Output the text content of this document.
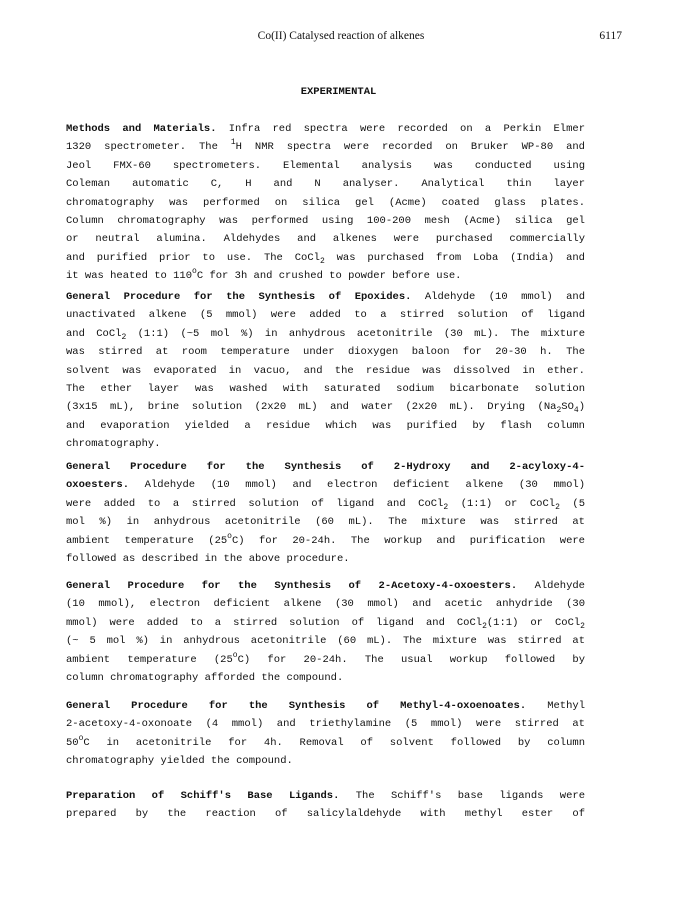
Co(II) Catalysed reaction of alkenes	6117
EXPERIMENTAL
Methods and Materials. Infra red spectra were recorded on a Perkin Elmer
1320 spectrometer. The $^1$H NMR spectra were recorded on Bruker WP-80 and
Jeol FMX-60 spectrometers. Elemental analysis was conducted using
Coleman automatic C, H and N analyser. Analytical thin layer
chromatography was performed on silica gel (Acme) coated glass plates.
Column chromatography was performed using 100-200 mesh (Acme) silica gel
or neutral alumina. Aldehydes and alkenes were purchased commercially
and purified prior to use. The CoCl$_2$ was purchased from Loba (India) and
it was heated to 110$^o$C for 3h and crushed to powder before use.
General Procedure for the Synthesis of Epoxides. Aldehyde (10 mmol) and
unactivated alkene (5 mmol) were added to a stirred solution of ligand
and CoCl$_2$ (1:1) (~5 mol %) in anhydrous acetonitrile (30 mL). The mixture
was stirred at room temperature under dioxygen baloon for 20-30 h. The
solvent was evaporated in vacuo, and the residue was dissolved in ether.
The ether layer was washed with saturated sodium bicarbonate solution
(3x15 mL), brine solution (2x20 mL) and water (2x20 mL). Drying $(Na_2SO_4)$
and evaporation yielded a residue which was purified by flash column
chromatography.
General Procedure for the Synthesis of 2-Hydroxy and 2-acyloxy-4-
oxoesters. Aldehyde (10 mmol) and electron deficient alkene (30 mmol)
were added to a stirred solution of ligand and CoCl$_2$ (1:1) or CoCl$_2$ (5
mol %) in anhydrous acetonitrile (60 mL). The mixture was stirred at
ambient temperature (25$^o$C) for 20-24h. The workup and purification were
followed as described in the above procedure.
General Procedure for the Synthesis of 2-Acetoxy-4-oxoesters. Aldehyde
(10 mmol), electron deficient alkene (30 mmol) and acetic anhydride (30
mmol) were added to a stirred solution of ligand and CoCl$_2$(1:1) or CoCl$_2$
(~ 5 mol %) in anhydrous acetonitrile (60 mL). The mixture was stirred at
ambient temperature (25$^o$C) for 20-24h. The usual workup followed by
column chromatography afforded the compound.
General Procedure for the Synthesis of Methyl-4-oxoenoates. Methyl
2-acetoxy-4-oxonoate (4 mmol) and triethylamine (5 mmol) were stirred at
50$^o$C in acetonitrile for 4h. Removal of solvent followed by column
chromatography yielded the compound.
Preparation of Schiff's Base Ligands. The Schiff's base ligands were
prepared by the reaction of salicylaldehyde with methyl ester of
